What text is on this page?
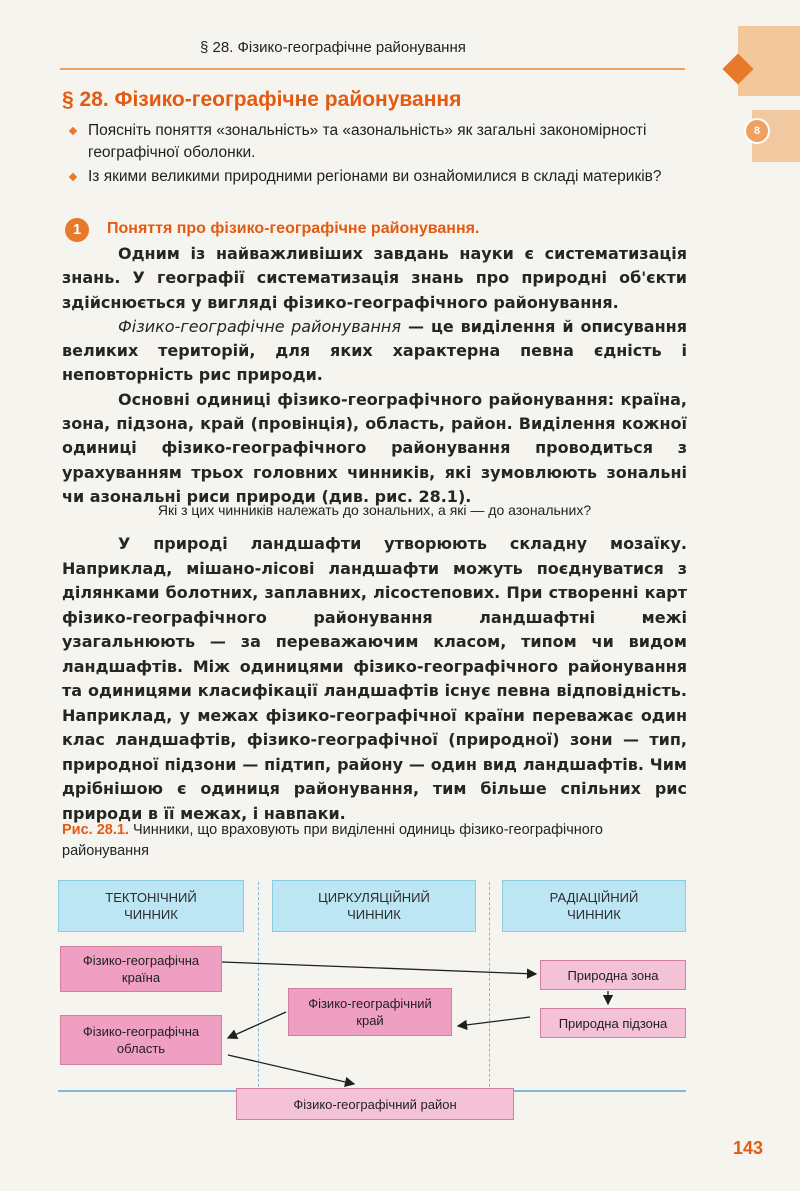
8
§ 28. Фізико-географічне районування
§ 28. Фізико-географічне районування
Поясніть поняття «зональність» та «азональність» як загальні закономірності географічної оболонки.
Із якими великими природними регіонами ви ознайомилися в складі материків?
1	Поняття про фізико-географічне районування.

Одним із найважливіших завдань науки є систематизація знань. У географії систематизація знань про природні об'єкти здійснюється у вигляді фізико-географічного районування.

Фізико-географічне районування — це виділення й описування великих територій, для яких характерна певна єдність і неповторність рис природи.

Основні одиниці фізико-географічного районування: країна, зона, підзона, край (провінція), область, район. Виділення кожної одиниці фізико-географічного районування проводиться з урахуванням трьох головних чинників, які зумовлюють зональні чи азональні риси природи (див. рис. 28.1).

Які з цих чинників належать до зональних, а які — до азональних?

У природі ландшафти утворюють складну мозаїку. Наприклад, мішано-лісові ландшафти можуть поєднуватися з ділянками болотних, заплавних, лісостепових. При створенні карт фізико-географічного районування ландшафтні межі узагальнюють — за переважаючим класом, типом чи видом ландшафтів. Між одиницями фізико-географічного районування та одиницями класифікації ландшафтів існує певна відповідність. Наприклад, у межах фізико-географічної країни переважає один клас ландшафтів, фізико-географічної (природної) зони — тип, природної підзони — підтип, району — один вид ландшафтів. Чим дрібнішою є одиниця районування, тим більше спільних рис природи в її межах, і навпаки.

Рис. 28.1. Чинники, що враховують при виділенні одиниць фізико-географічного районування
ТЕКТОНІЧНИЙ ЧИННИК
ЦИРКУЛЯЦІЙНИЙ ЧИННИК
РАДІАЦІЙНИЙ ЧИННИК
Фізико-географічна країна	Природна зона
Фізико-географічний край	Природна підзона
Фізико-географічна область
Фізико-географічний район
143
